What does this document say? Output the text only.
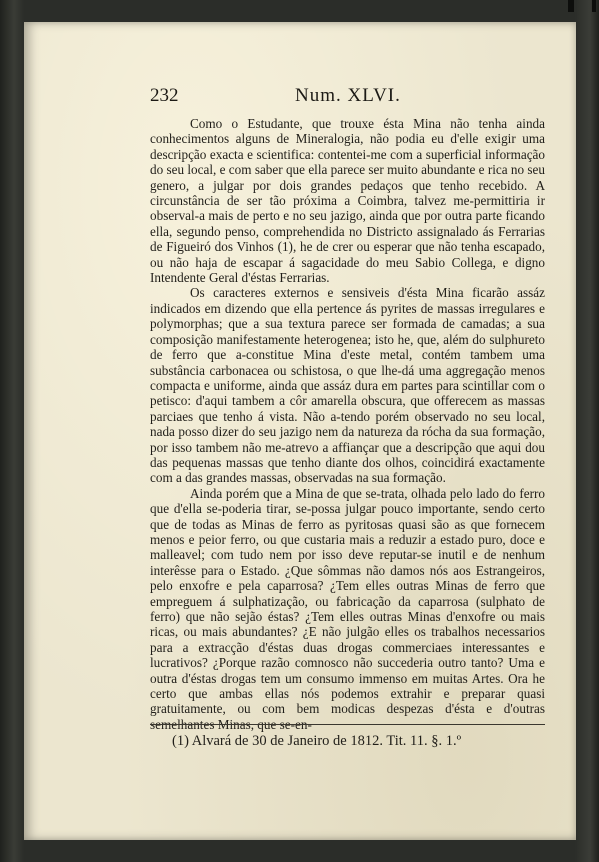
232	Num. XLVI.

Como o Estudante, que trouxe ésta Mina não tenha ainda conhecimentos alguns de Mineralogia, não podia eu d'elle exigir uma descripção exacta e scientifica: contentei-me com a superficial informação do seu local, e com saber que ella parece ser muito abundante e rica no seu genero, a julgar por dois grandes pedaços que tenho recebido. A circunstância de ser tão próxima a Coimbra, talvez me-permittiria ir observal-a mais de perto e no seu jazigo, ainda que por outra parte ficando ella, segundo penso, comprehendida no Districto assignalado ás Ferrarias de Figueiró dos Vinhos (1), he de crer ou esperar que não tenha escapado, ou não haja de escapar á sagacidade do meu Sabio Collega, e digno Intendente Geral d'éstas Ferrarias.

Os caracteres externos e sensiveis d'ésta Mina ficarão assáz indicados em dizendo que ella pertence ás pyrites de massas irregulares e polymorphas; que a sua textura parece ser formada de camadas; a sua composição manifestamente heterogenea; isto he, que, além do sulphureto de ferro que a-constitue Mina d'este metal, contém tambem uma substância carbonacea ou schistosa, o que lhe-dá uma aggregação menos compacta e uniforme, ainda que assáz dura em partes para scintillar com o petisco: d'aqui tambem a côr amarella obscura, que offerecem as massas parciaes que tenho á vista. Não a-tendo porém observado no seu local, nada posso dizer do seu jazigo nem da natureza da rócha da sua formação, por isso tambem não me-atrevo a affiançar que a descripção que aqui dou das pequenas massas que tenho diante dos olhos, coincidirá exactamente com a das grandes massas, observadas na sua formação.

Ainda porém que a Mina de que se-trata, olhada pelo lado do ferro que d'ella se-poderia tirar, se-possa julgar pouco importante, sendo certo que de todas as Minas de ferro as pyritosas quasi são as que fornecem menos e peior ferro, ou que custaria mais a reduzir a estado puro, doce e malleavel; com tudo nem por isso deve reputar-se inutil e de nenhum interêsse para o Estado. ¿Que sômmas não damos nós aos Estrangeiros, pelo enxofre e pela caparrosa? ¿Tem elles outras Minas de ferro que empreguem á sulphatização, ou fabricação da caparrosa (sulphato de ferro) que não sejão éstas? ¿Tem elles outras Minas d'enxofre ou mais ricas, ou mais abundantes? ¿E não julgão elles os trabalhos necessarios para a extracção d'éstas duas drogas commerciaes interessantes e lucrativos? ¿Porque razão comnosco não succederia outro tanto? Uma e outra d'éstas drogas tem um consumo immenso em muitas Artes. Ora he certo que ambas ellas nós podemos extrahir e preparar quasi gratuitamente, ou com bem modicas despezas d'ésta e d'outras semelhantes Minas, que se-en-

(1) Alvará de 30 de Janeiro de 1812. Tit. 11. §. 1.º
